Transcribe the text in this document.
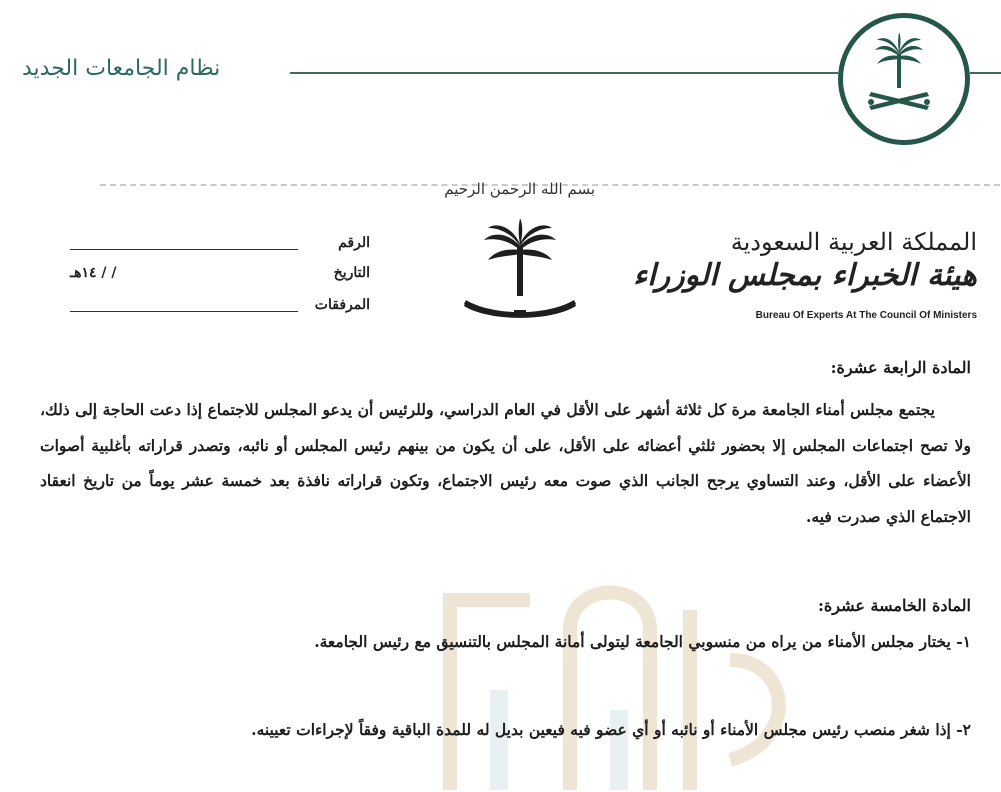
نظام الجامعات الجديد
بسم الله الرحمن الرحيم
المملكة العربية السعودية
هيئة الخبراء بمجلس الوزراء
Bureau Of Experts At The Council Of Ministers
الرقم
التاريخ
/ / ١٤هـ
المرفقات
المادة الرابعة عشرة:
يجتمع مجلس أمناء الجامعة مرة كل ثلاثة أشهر على الأقل في العام الدراسي، وللرئيس أن يدعو المجلس للاجتماع إذا دعت الحاجة إلى ذلك، ولا تصح اجتماعات المجلس إلا بحضور ثلثي أعضائه على الأقل، على أن يكون من بينهم رئيس المجلس أو نائبه، وتصدر قراراته بأغلبية أصوات الأعضاء على الأقل، وعند التساوي يرجح الجانب الذي صوت معه رئيس الاجتماع، وتكون قراراته نافذة بعد خمسة عشر يوماً من تاريخ انعقاد الاجتماع الذي صدرت فيه.
المادة الخامسة عشرة:
١- يختار مجلس الأمناء من يراه من منسوبي الجامعة ليتولى أمانة المجلس بالتنسيق مع رئيس الجامعة.
٢- إذا شغر منصب رئيس مجلس الأمناء أو نائبه أو أي عضو فيه فيعين بديل له للمدة الباقية وفقاً لإجراءات تعيينه.
